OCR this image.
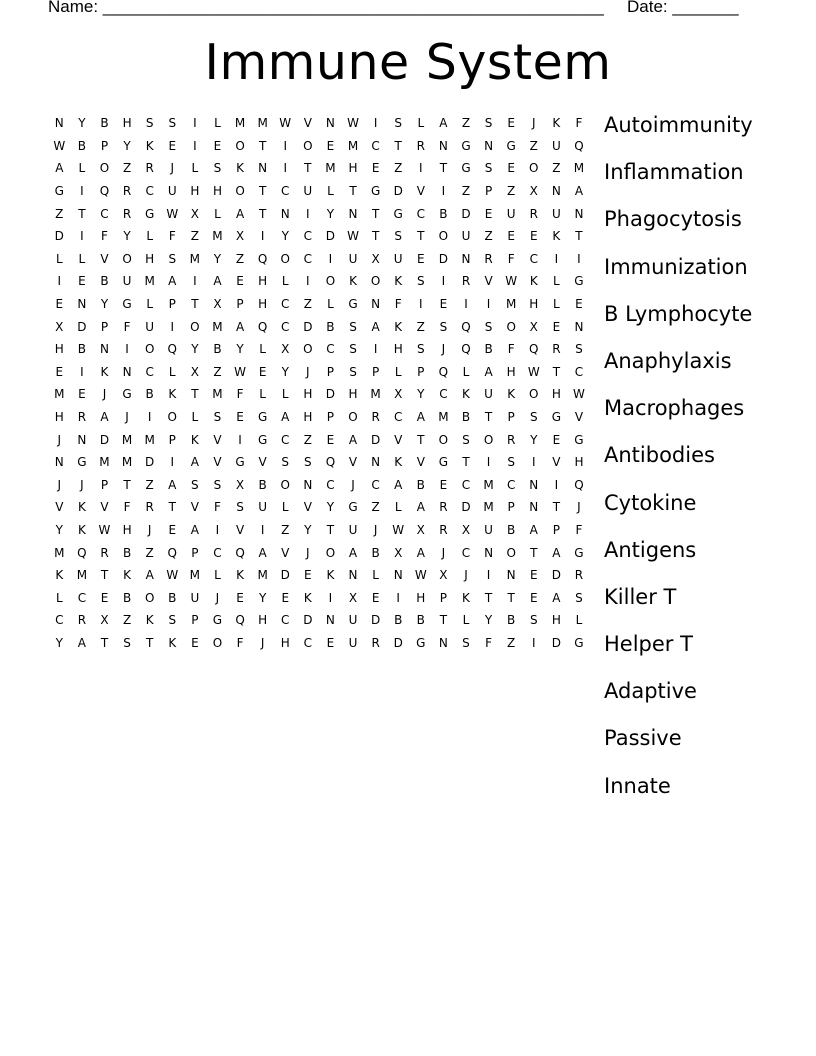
Name: _____________________________________________________ Date: _______
Immune System
N	Y	B	H	S	S	I	L	M	M W	V	N	W	I	S	L	A	Z	S	E	J	K	F
W	B	P	Y	K	E	I	E	O	T	I	O	E	M	C	T	R	N	G	N	G	Z	U	Q
A	L	O	Z	R	J	L	S	K	N	I	T	M	H	E	Z	I	T	G	S	E	O	Z	M
G	I	Q	R	C	U	H	H	O	T	C	U	L	T	G	D	V	I	Z	P	Z	X	N	A
Z	T	C	R	G	W	X	L	A	T	N	I	Y	N	T	G	C	B	D	E	U	R	U	N
D	I	F	Y	L	F	Z	M	X	I	Y	C	D	W	T	S	T	O	U	Z	E	E	K	T
L	L	V	O	H	S	M	Y	Z	Q	O	C	I	U	X	U	E	D	N	R	F	C	I	I
I	E	B	U	M	A	I	A	E	H	L	I	O	K	O	K	S	I	R	V	W	K	L	G
E	N	Y	G	L	P	T	X	P	H	C	Z	L	G	N	F	I	E	I	I	M	H	L	E
X	D	P	F	U	I	O	M	A	Q	C	D	B	S	A	K	Z	S	Q	S	O	X	E	N
H	B	N	I	O	Q	Y	B	Y	L	X	O	C	S	I	H	S	J	Q	B	F	Q	R	S
E	I	K	N	C	L	X	Z	W	E	Y	J	P	S	P	L	P	Q	L	A	H	W	T	C
M	E	J	G	B	K	T	M	F	L	L	H	D	H	M	X	Y	C	K	U	K	O	H	W
H	R	A	J	I	O	L	S	E	G	A	H	P	O	R	C	A	M	B	T	P	S	G	V
J	N	D	M	M	P	K	V	I	G	C	Z	E	A	D	V	T	O	S	O	R	Y	E	G
N	G	M	M	D	I	A	V	G	V	S	S	Q	V	N	K	V	G	T	I	S	I	V	H
J	J	P	T	Z	A	S	S	X	B	O	N	C	J	C	A	B	E	C	M	C	N	I	Q
V	K	V	F	R	T	V	F	S	U	L	V	Y	G	Z	L	A	R	D	M	P	N	T	J
Y	K	W	H	J	E	A	I	V	I	Z	Y	T	U	J	W	X	R	X	U	B	A	P	F
M	Q	R	B	Z	Q	P	C	Q	A	V	J	O	A	B	X	A	J	C	N	O	T	A	G
K	M	T	K	A	W M	L	K	M	D	E	K	N	L	N	W	X	J	I	N	E	D	R
L	C	E	B	O	B	U	J	E	Y	E	K	I	X	E	I	H	P	K	T	T	E	A	S
C	R	X	Z	K	S	P	G	Q	H	C	D	N	U	D	B	B	T	L	Y	B	S	H	L
Y	A	T	S	T	K	E	O	F	J	H	C	E	U	R	D	G	N	S	F	Z	I	D	G
Autoimmunity
Inflammation
Phagocytosis
Immunization
B Lymphocyte
Anaphylaxis
Macrophages
Antibodies
Cytokine
Antigens
Killer T
Helper T
Adaptive
Passive
Innate
